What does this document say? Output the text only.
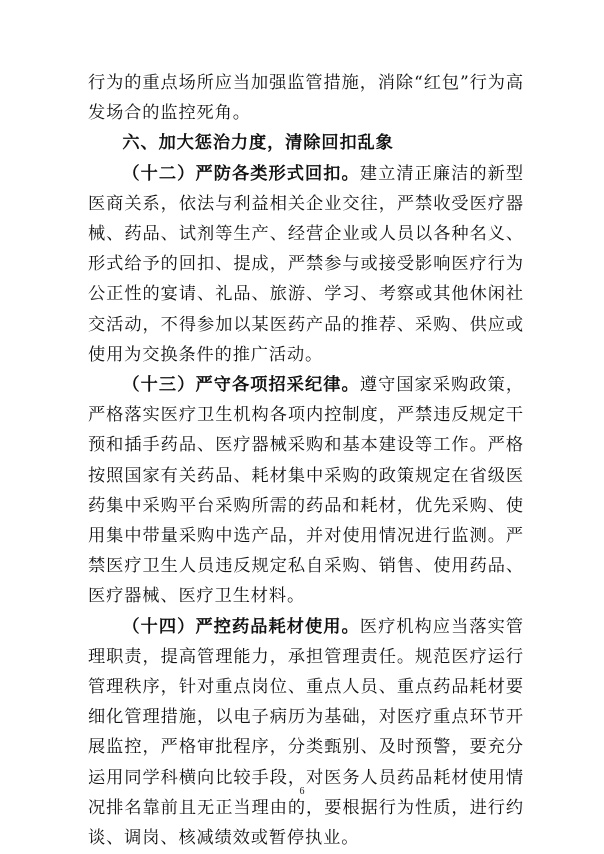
行为的重点场所应当加强监管措施，消除“红包”行为高发场合的监控死角。

六、加大惩治力度，清除回扣乱象

（十二）严防各类形式回扣。建立清正廉洁的新型医商关系，依法与利益相关企业交往，严禁收受医疗器械、药品、试剂等生产、经营企业或人员以各种名义、形式给予的回扣、提成，严禁参与或接受影响医疗行为公正性的宴请、礼品、旅游、学习、考察或其他休闲社交活动，不得参加以某医药产品的推荐、采购、供应或使用为交换条件的推广活动。

（十三）严守各项招采纪律。遵守国家采购政策，严格落实医疗卫生机构各项内控制度，严禁违反规定干预和插手药品、医疗器械采购和基本建设等工作。严格按照国家有关药品、耗材集中采购的政策规定在省级医药集中采购平台采购所需的药品和耗材，优先采购、使用集中带量采购中选产品，并对使用情况进行监测。严禁医疗卫生人员违反规定私自采购、销售、使用药品、医疗器械、医疗卫生材料。

（十四）严控药品耗材使用。医疗机构应当落实管理职责，提高管理能力，承担管理责任。规范医疗运行管理秩序，针对重点岗位、重点人员、重点药品耗材要细化管理措施，以电子病历为基础，对医疗重点环节开展监控，严格审批程序，分类甄别、及时预警，要充分运用同学科横向比较手段，对医务人员药品耗材使用情况排名靠前且无正当理由的，要根据行为性质，进行约谈、调岗、核减绩效或暂停执业。

6
